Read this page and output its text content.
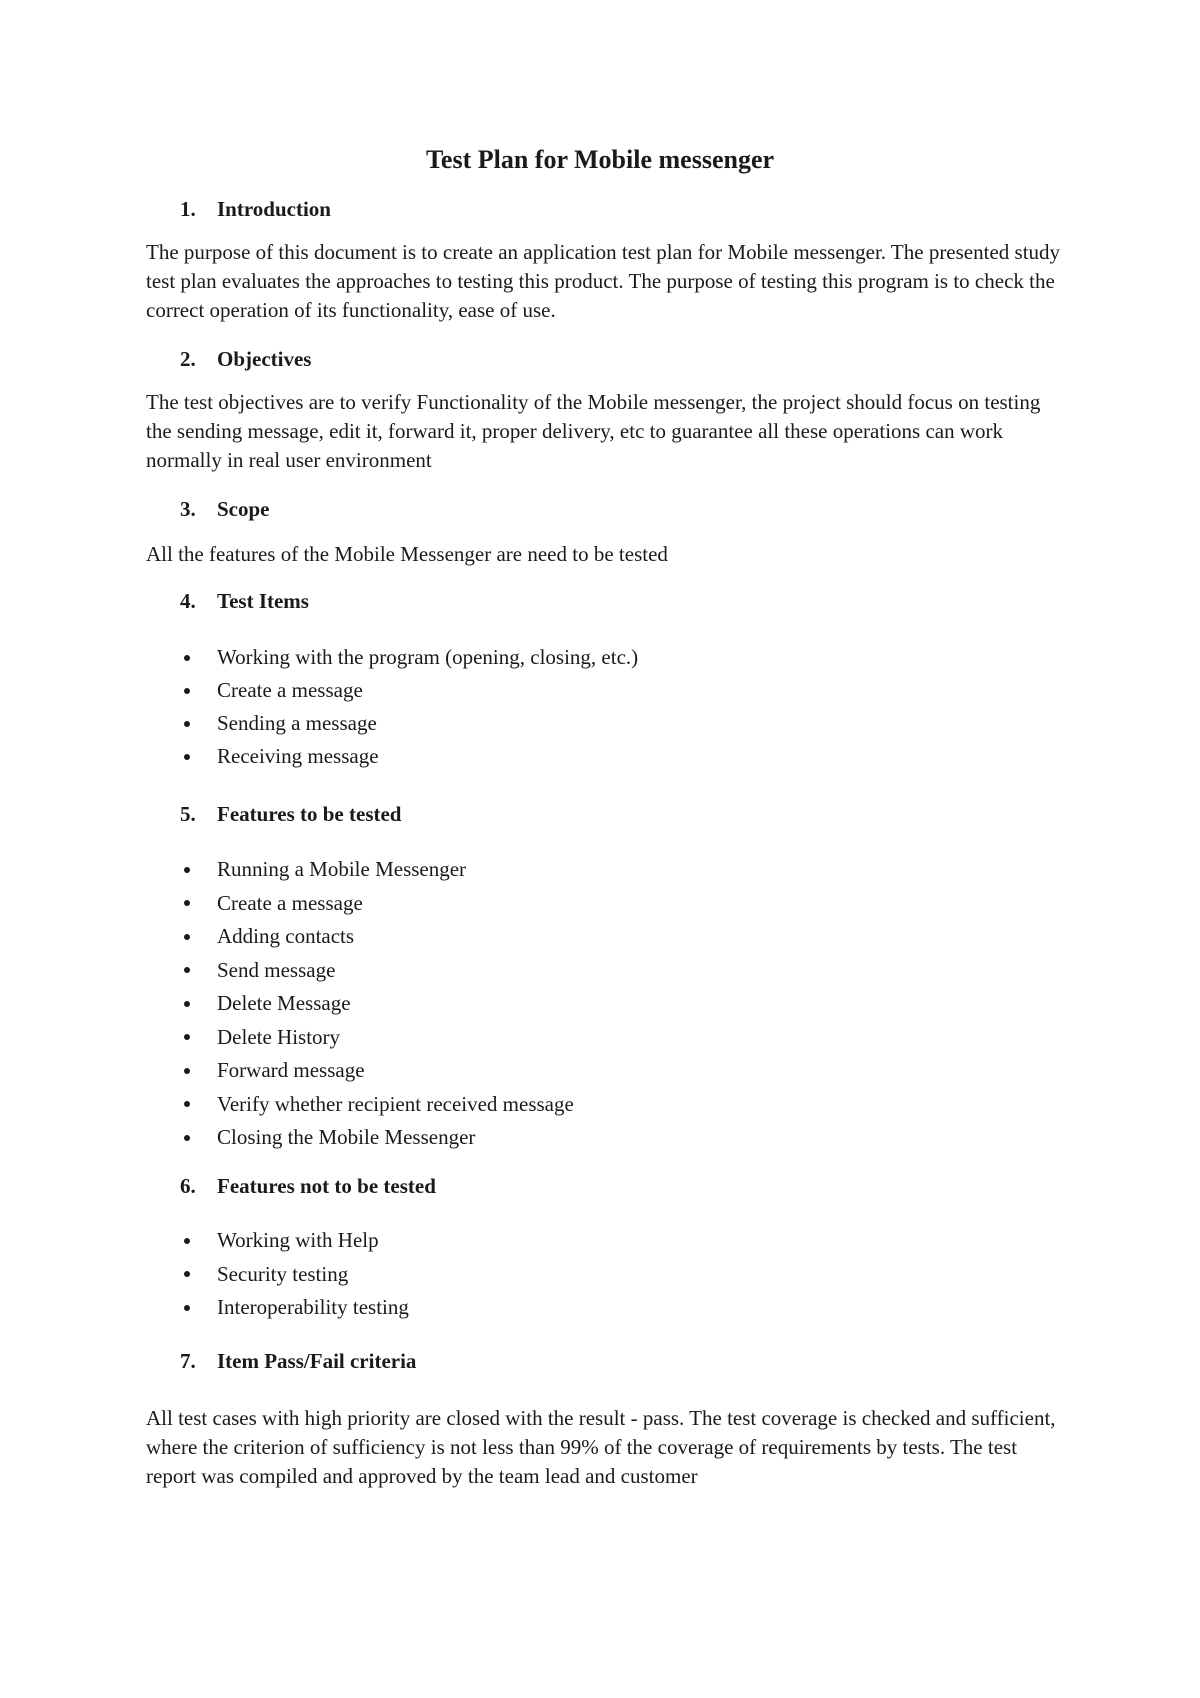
Test Plan for Mobile messenger
1. Introduction

The purpose of this document is to create an application test plan for Mobile messenger. The presented study test plan evaluates the approaches to testing this product. The purpose of testing this program is to check the correct operation of its functionality, ease of use.

2. Objectives

The test objectives are to verify Functionality of the Mobile messenger, the project should focus on testing the sending message, edit it, forward it, proper delivery, etc to guarantee all these operations can work normally in real user environment

3. Scope

All the features of the Mobile Messenger are need to be tested

4. Test Items
Working with the program (opening, closing, etc.)
Create a message
Sending a message
Receiving message
5. Features to be tested
Running a Mobile Messenger
Create a message
Adding contacts
Send message
Delete Message
Delete History
Forward message
Verify whether recipient received message
Closing the Mobile Messenger
6. Features not to be tested
Working with Help
Security testing
Interoperability testing
7. Item Pass/Fail criteria

All test cases with high priority are closed with the result - pass. The test coverage is checked and sufficient, where the criterion of sufficiency is not less than 99% of the coverage of requirements by tests. The test report was compiled and approved by the team lead and customer
